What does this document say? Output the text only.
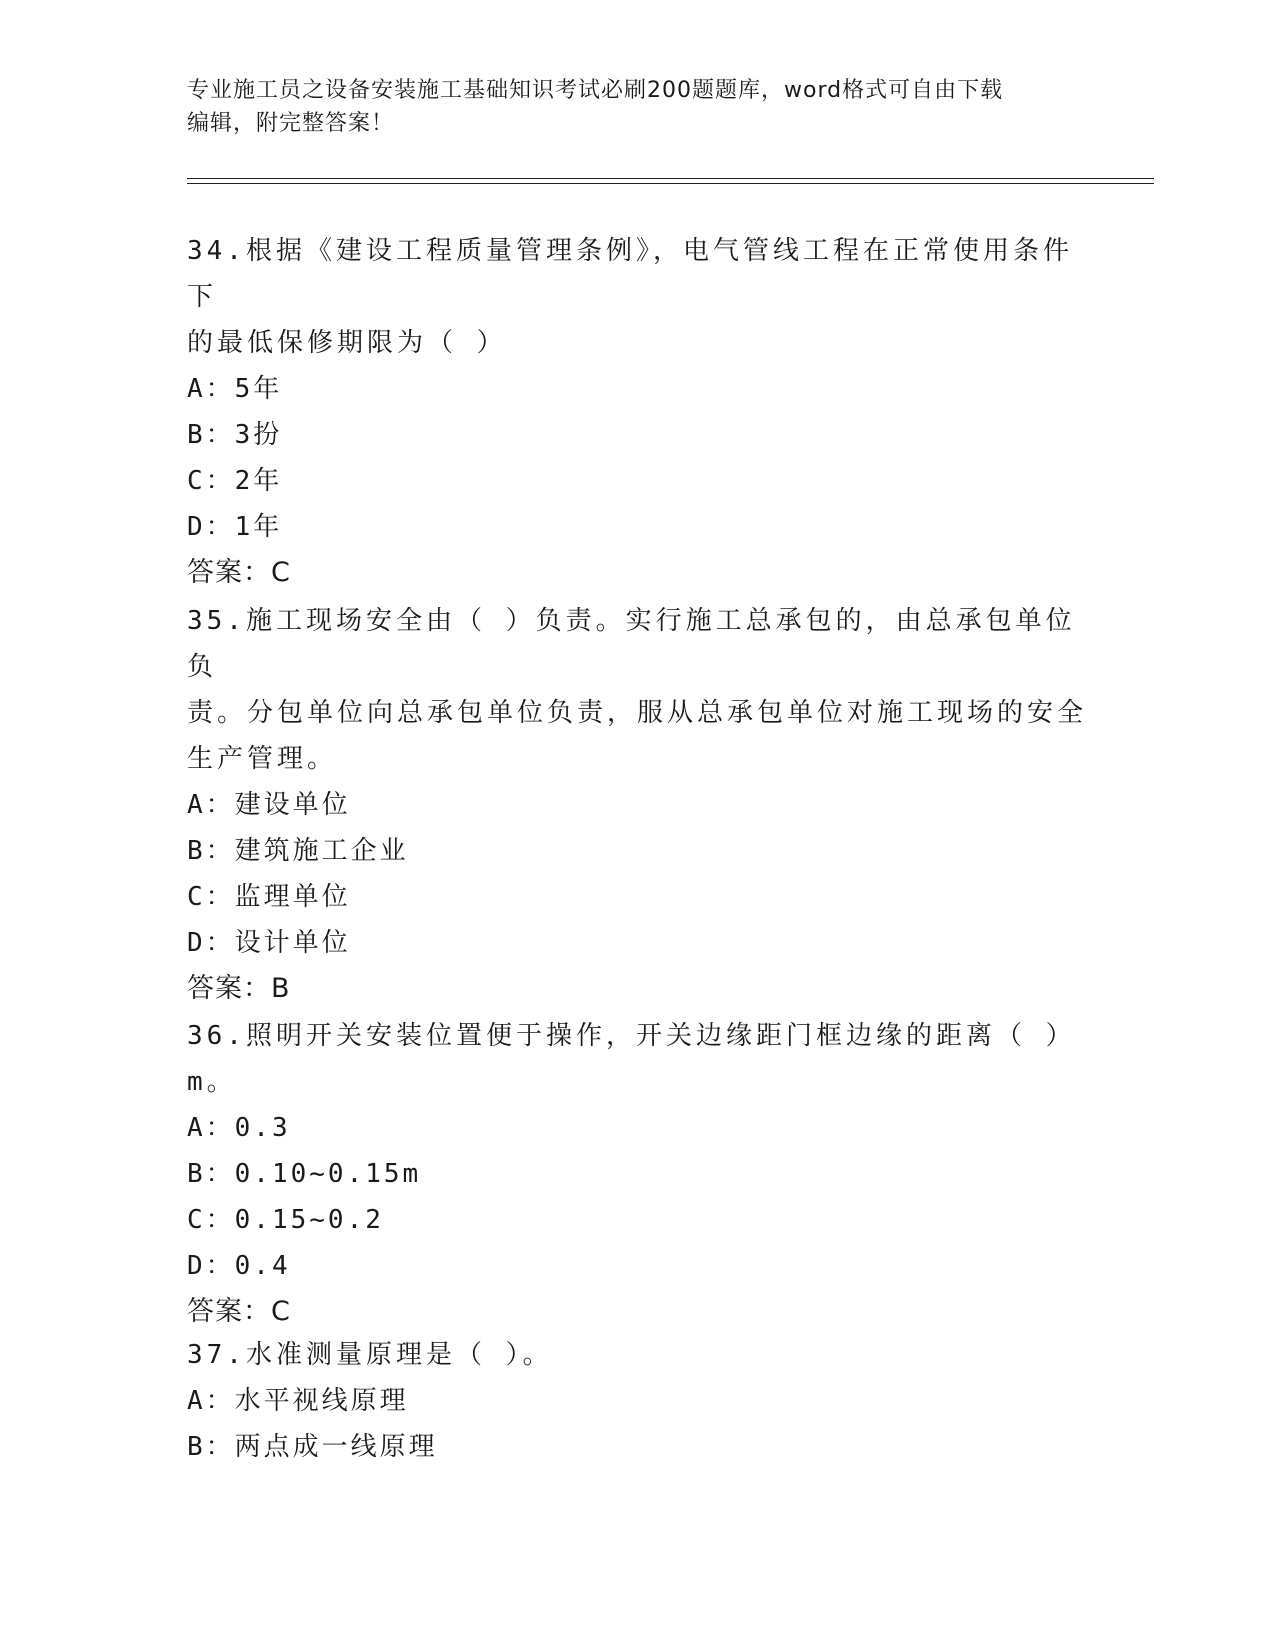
专业施工员之设备安装施工基础知识考试必刷200题题库，word格式可自由下载
编辑，附完整答案！

34.根据《建设工程质量管理条例》，电气管线工程在正常使用条件下

的最低保修期限为（ ）

A：5年

B：3扮

C：2年

D：1年

答案：C

35.施工现场安全由（ ）负责。实行施工总承包的，由总承包单位负

责。分包单位向总承包单位负责，服从总承包单位对施工现场的安全

生产管理。

A：建设单位

B：建筑施工企业

C：监理单位

D：设计单位

答案：B

36.照明开关安装位置便于操作，开关边缘距门框边缘的距离（ ）m。

A：0.3

B：0.10~0.15m

C：0.15~0.2

D：0.4

答案：C

37.水准测量原理是（ ）。

A：水平视线原理

B：两点成一线原理
